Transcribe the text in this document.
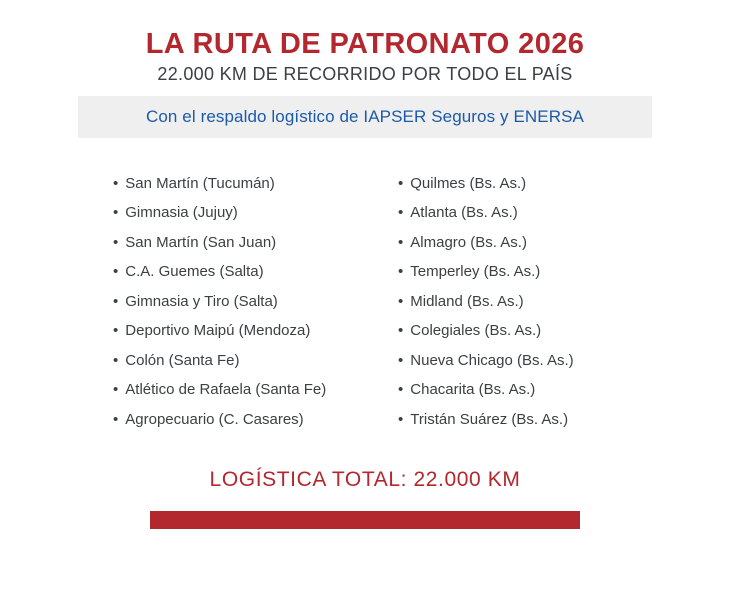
LA RUTA DE PATRONATO 2026
22.000 KM DE RECORRIDO POR TODO EL PAÍS
Con el respaldo logístico de IAPSER Seguros y ENERSA
• San Martín (Tucumán)
• Gimnasia (Jujuy)
• San Martín (San Juan)
• C.A. Guemes (Salta)
• Gimnasia y Tiro (Salta)
• Deportivo Maipú (Mendoza)
• Colón (Santa Fe)
• Atlético de Rafaela (Santa Fe)
• Agropecuario (C. Casares)
• Quilmes (Bs. As.)
• Atlanta (Bs. As.)
• Almagro (Bs. As.)
• Temperley (Bs. As.)
• Midland (Bs. As.)
• Colegiales (Bs. As.)
• Nueva Chicago (Bs. As.)
• Chacarita (Bs. As.)
• Tristán Suárez (Bs. As.)
LOGÍSTICA TOTAL: 22.000 KM
